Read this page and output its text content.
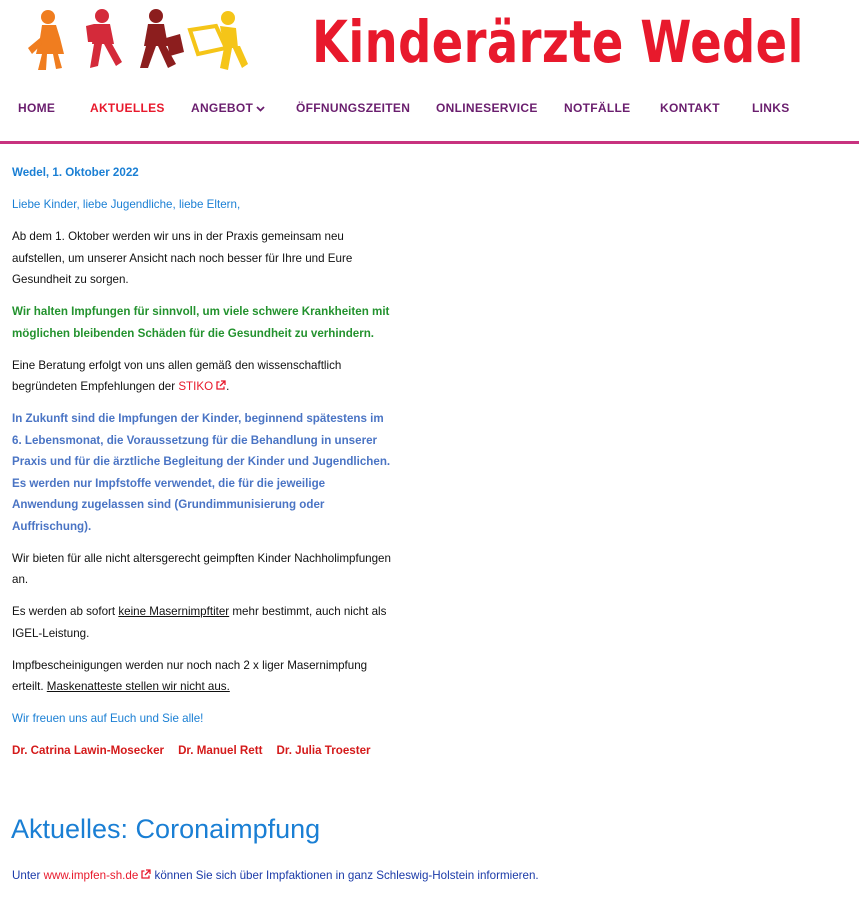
Kinderärzte Wedel
HOME	AKTUELLES ANGEBOT	ÖFFNUNGSZEITEN ONLINESERVICE NOTFÄLLE KONTAKT	LINKS

Wedel, 1. Oktober 2022

Liebe Kinder, liebe Jugendliche, liebe Eltern,

Ab dem 1. Oktober werden wir uns in der Praxis gemeinsam neu aufstellen, um unserer Ansicht nach noch besser für Ihre und Eure Gesundheit zu sorgen.

Wir halten Impfungen für sinnvoll, um viele schwere Krankheiten mit möglichen bleibenden Schäden für die Gesundheit zu verhindern.

Eine Beratung erfolgt von uns allen gemäß den wissenschaftlich begründeten Empfehlungen der STIKO .

In Zukunft sind die Impfungen der Kinder, beginnend spätestens im 6. Lebensmonat, die Voraussetzung für die Behandlung in unserer Praxis und für die ärztliche Begleitung der Kinder und Jugendlichen. Es werden nur Impfstoffe verwendet, die für die jeweilige Anwendung zugelassen sind (Grundimmunisierung oder Auffrischung).

Wir bieten für alle nicht altersgerecht geimpften Kinder Nachholimpfungen an.

Es werden ab sofort keine Masernimpftiter mehr bestimmt, auch nicht als IGEL-Leistung.

Impfbescheinigungen werden nur noch nach 2 x liger Masernimpfung erteilt. Maskenatteste stellen wir nicht aus.

Wir freuen uns auf Euch und Sie alle!

Dr. Catrina Lawin-Mosecker Dr. Manuel Rett Dr. Julia Troester

Aktuelles: Coronaimpfung
Unter www.impfen-sh.de können Sie sich über Impfaktionen in ganz Schleswig-Holstein informieren.
